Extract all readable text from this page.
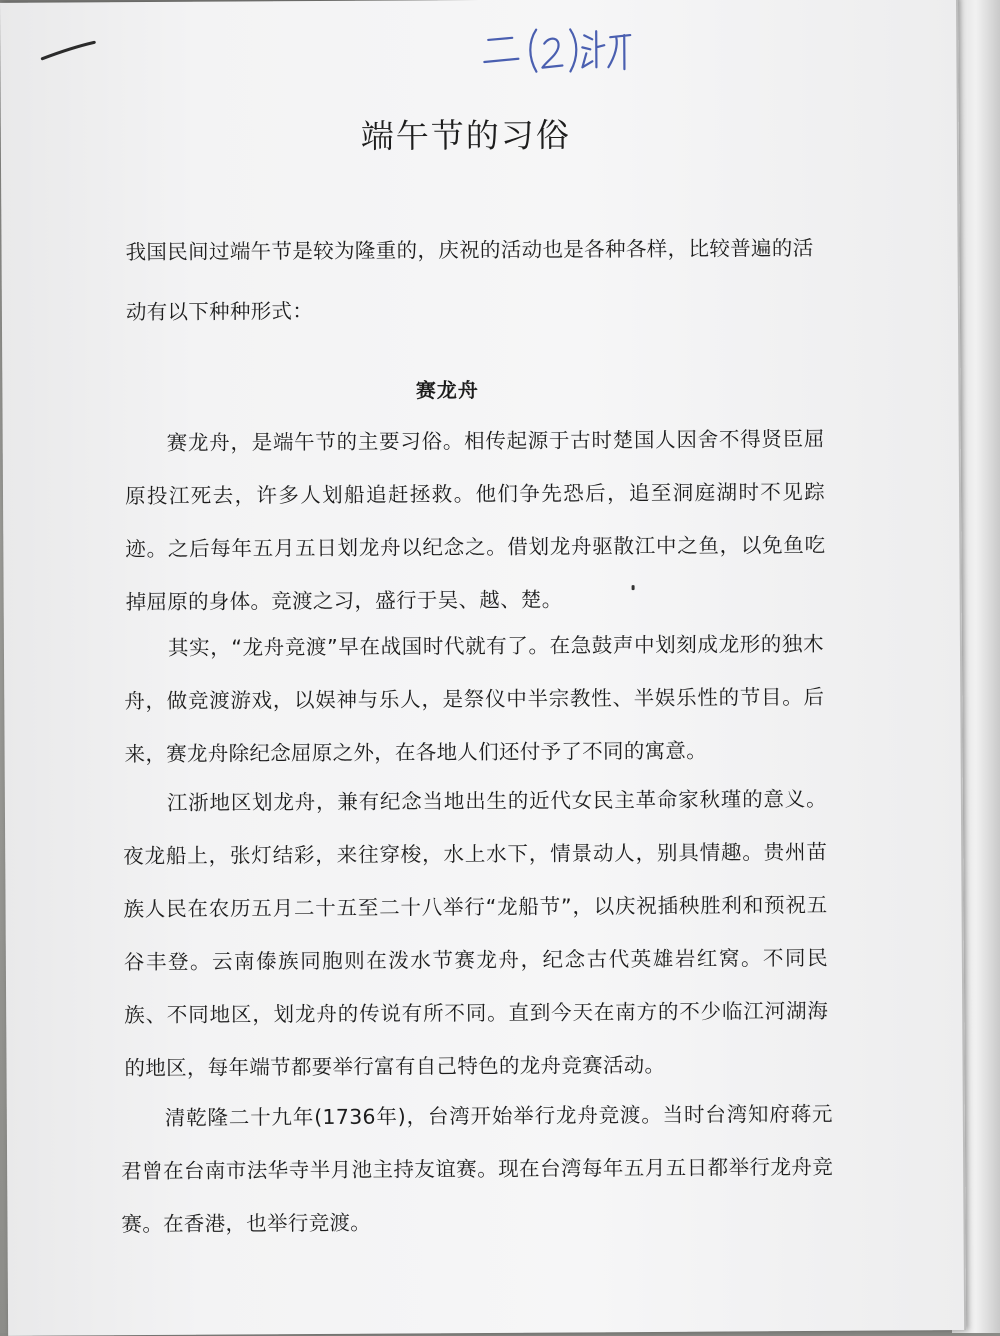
端午节的习俗
我国民间过端午节是较为隆重的，庆祝的活动也是各种各样，比较普遍的活动有以下种种形式：
赛龙舟
赛龙舟，是端午节的主要习俗。相传起源于古时楚国人因舍不得贤臣屈原投江死去，许多人划船追赶拯救。他们争先恐后，追至洞庭湖时不见踪迹。之后每年五月五日划龙舟以纪念之。借划龙舟驱散江中之鱼，以免鱼吃掉屈原的身体。竞渡之习，盛行于吴、越、楚。
其实，“龙舟竞渡”早在战国时代就有了。在急鼓声中划刻成龙形的独木舟，做竞渡游戏，以娱神与乐人，是祭仪中半宗教性、半娱乐性的节目。后来，赛龙舟除纪念屈原之外，在各地人们还付予了不同的寓意。
江浙地区划龙舟，兼有纪念当地出生的近代女民主革命家秋瑾的意义。夜龙船上，张灯结彩，来往穿梭，水上水下，情景动人，别具情趣。贵州苗族人民在农历五月二十五至二十八举行“龙船节”，以庆祝插秧胜利和预祝五谷丰登。云南傣族同胞则在泼水节赛龙舟，纪念古代英雄岩红窝。不同民族、不同地区，划龙舟的传说有所不同。直到今天在南方的不少临江河湖海的地区，每年端节都要举行富有自己特色的龙舟竞赛活动。
清乾隆二十九年(1736年)，台湾开始举行龙舟竞渡。当时台湾知府蒋元君曾在台南市法华寺半月池主持友谊赛。现在台湾每年五月五日都举行龙舟竞赛。在香港，也举行竞渡。
